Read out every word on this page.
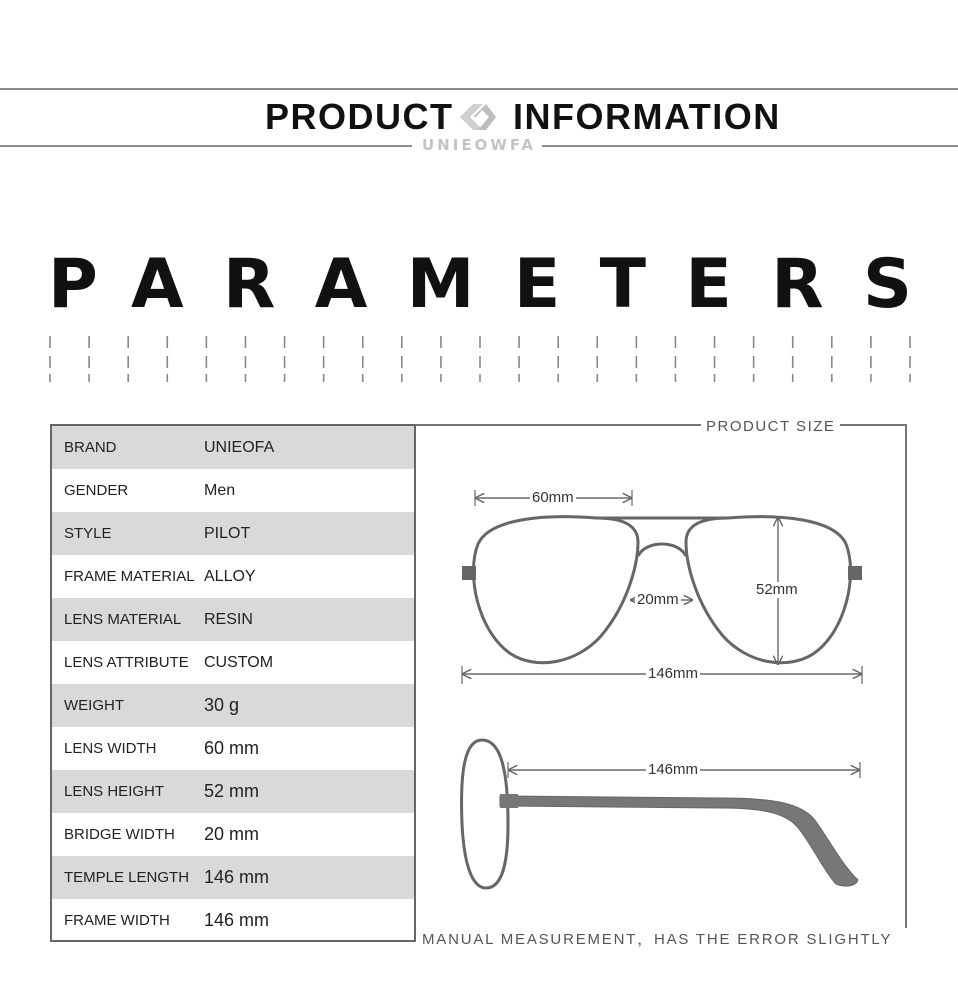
PRODUCT INFORMATION
UNIEOWFA
PARAMETERS
BRAND	UNIEOFA
GENDER	Men
STYLE	PILOT
FRAME MATERIAL ALLOY
LENS MATERIAL RESIN
LENS ATTRIBUTE CUSTOM
WEIGHT	30 g
LENS WIDTH	60 mm
LENS HEIGHT 52 mm
BRIDGE WIDTH 20 mm
TEMPLE LENGTH 146 mm
FRAME WIDTH 146 mm
PRODUCT SIZE
60mm
20mm
52mm
146mm
146mm
MANUAL MEASUREMENT，HAS THE ERROR SLIGHTLY
